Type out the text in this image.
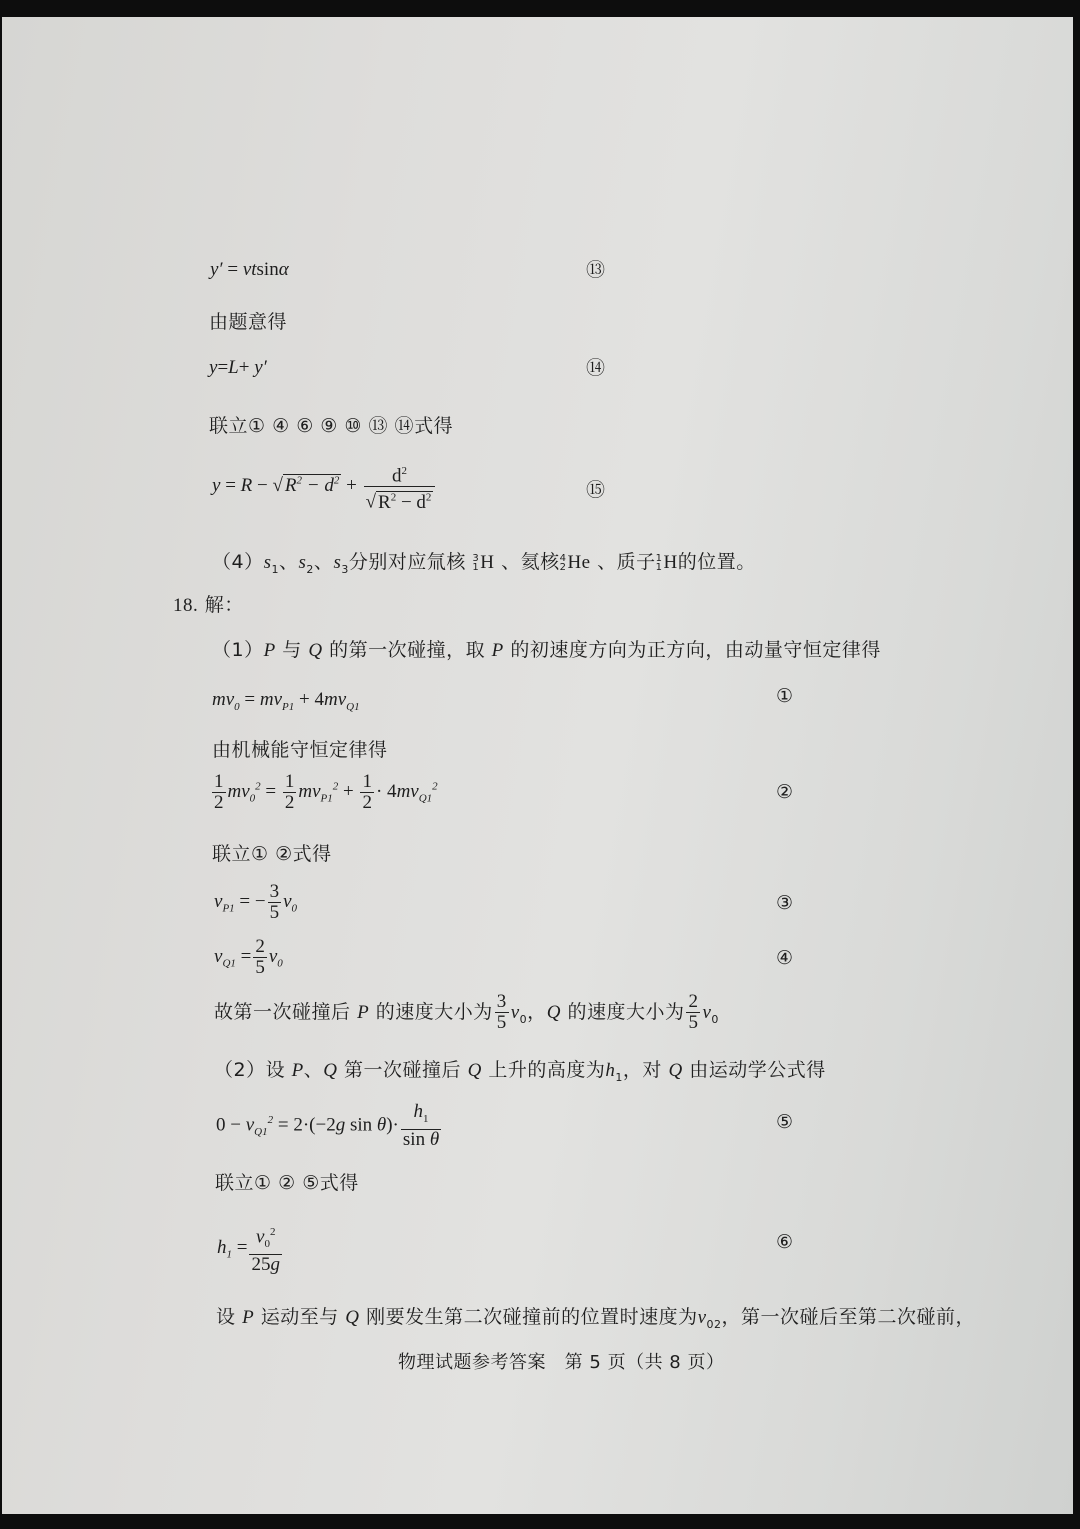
y′ = vtsinα	⑬
由题意得
y=L+ y′	⑭
联立① ④ ⑥ ⑨ ⑩ ⑬ ⑭式得
y = R − √ $R^2 - d^2 + \frac{d^2}{√ R^2 - d^2}$	⑮
$(4)s_1$、$s_2$、$s_3$分别对应氚核 3
1 H 、氦核 4
2 He 、质子 1
1 H的位置。
18. 解：
（1）P 与 Q 的第一次碰撞，取 P 的初速度方向为正方向，由动量守恒定律得
$mv_0 = mv_{P1} + 4mv_{Q1}$	①
由机械能守恒定律得
$\frac{1}{2} mv_0^2 = \frac{1}{2} mv_{P1}^2 + \frac{1}{2} \cdot 4mv_{Q1}^2$	②
联立① ②式得
$v_{P1}$ = − $\frac{3}{5} v_0$	③
$v_{Q1} = \frac{2}{5} v_0$	④
故第一次碰撞后 P 的速度大小为 $\frac{3}{5} v_0$，Q 的速度大小为 $\frac{2}{5} v_0$
（2）设 P、Q 第一次碰撞后 Q 上升的高度为$h_1$，对 Q 由运动学公式得
$0 - v_{Q1}^2 = 2\cdot(-2g$ $\sin \theta)\cdot \frac{h_1}{\text{sin θ}}$	⑤
联立① ② ⑤式得
$h_1 = \frac{v_0^2}{25g}$	⑥
设 P 运动至与 Q 刚要发生第二次碰撞前的位置时速度为$v_{02}$，第一次碰后至第二次碰前，
物理试题参考答案 第 5 页（共 8 页）
